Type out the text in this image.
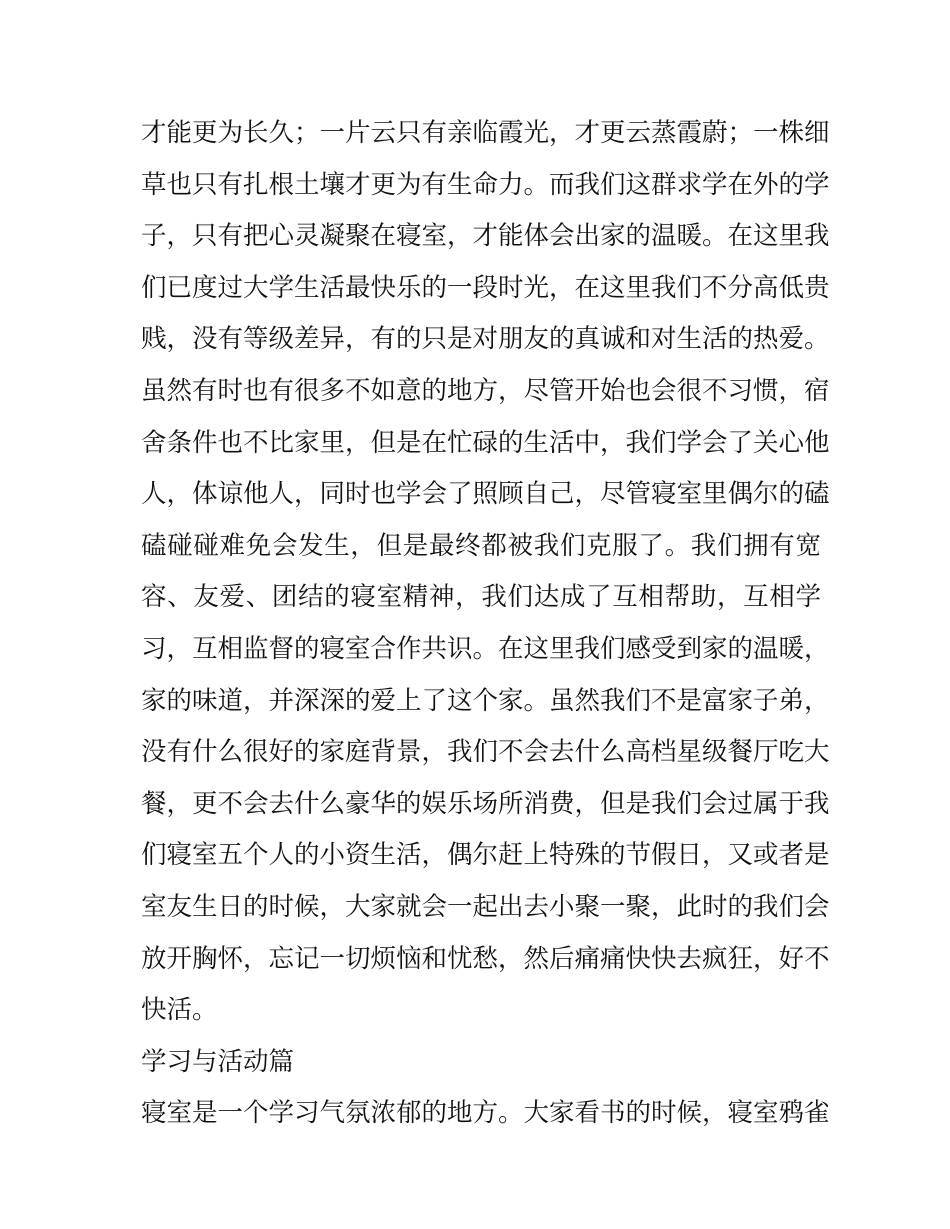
才能更为长久；一片云只有亲临霞光，才更云蒸霞蔚；一株细
草也只有扎根土壤才更为有生命力。而我们这群求学在外的学
子，只有把心灵凝聚在寝室，才能体会出家的温暖。在这里我
们已度过大学生活最快乐的一段时光，在这里我们不分高低贵
贱，没有等级差异，有的只是对朋友的真诚和对生活的热爱。
虽然有时也有很多不如意的地方，尽管开始也会很不习惯，宿
舍条件也不比家里，但是在忙碌的生活中，我们学会了关心他
人，体谅他人，同时也学会了照顾自己，尽管寝室里偶尔的磕
磕碰碰难免会发生，但是最终都被我们克服了。我们拥有宽
容、友爱、团结的寝室精神，我们达成了互相帮助，互相学
习，互相监督的寝室合作共识。在这里我们感受到家的温暖，
家的味道，并深深的爱上了这个家。虽然我们不是富家子弟，
没有什么很好的家庭背景，我们不会去什么高档星级餐厅吃大
餐，更不会去什么豪华的娱乐场所消费，但是我们会过属于我
们寝室五个人的小资生活，偶尔赶上特殊的节假日，又或者是
室友生日的时候，大家就会一起出去小聚一聚，此时的我们会
放开胸怀，忘记一切烦恼和忧愁，然后痛痛快快去疯狂，好不
快活。
学习与活动篇
寝室是一个学习气氛浓郁的地方。大家看书的时候，寝室鸦雀
